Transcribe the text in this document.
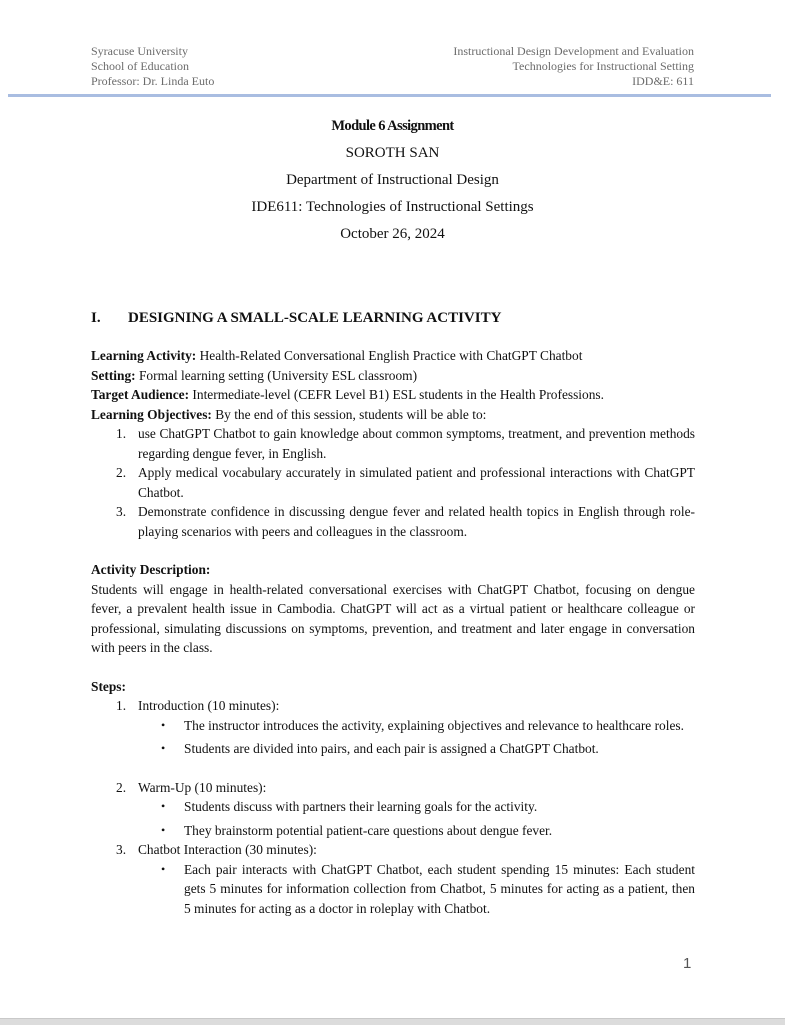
Syracuse University
School of Education
Professor: Dr. Linda Euto
Instructional Design Development and Evaluation
Technologies for Instructional Setting
IDD&E: 611
Module 6 Assignment
SOROTH SAN
Department of Instructional Design
IDE611: Technologies of Instructional Settings
October 26, 2024
I. DESIGNING A SMALL-SCALE LEARNING ACTIVITY

Learning Activity: Health-Related Conversational English Practice with ChatGPT Chatbot

Setting: Formal learning setting (University ESL classroom)

Target Audience: Intermediate-level (CEFR Level B1) ESL students in the Health Professions.

Learning Objectives: By the end of this session, students will be able to:

1. use ChatGPT Chatbot to gain knowledge about common symptoms, treatment, and prevention methods regarding dengue fever, in English.
2. Apply medical vocabulary accurately in simulated patient and professional interactions with ChatGPT Chatbot.
3. Demonstrate confidence in discussing dengue fever and related health topics in English through role-playing scenarios with peers and colleagues in the classroom.

Activity Description:

Students will engage in health-related conversational exercises with ChatGPT Chatbot, focusing on dengue fever, a prevalent health issue in Cambodia. ChatGPT will act as a virtual patient or healthcare colleague or professional, simulating discussions on symptoms, prevention, and treatment and later engage in conversation with peers in the class.

Steps:

1. Introduction (10 minutes):
• The instructor introduces the activity, explaining objectives and relevance to healthcare roles.
• Students are divided into pairs, and each pair is assigned a ChatGPT Chatbot.
2. Warm-Up (10 minutes):
• Students discuss with partners their learning goals for the activity.
• They brainstorm potential patient-care questions about dengue fever.
3. Chatbot Interaction (30 minutes):
• Each pair interacts with ChatGPT Chatbot, each student spending 15 minutes: Each student gets 5 minutes for information collection from Chatbot, 5 minutes for acting as a patient, then 5 minutes for acting as a doctor in roleplay with Chatbot.
1
